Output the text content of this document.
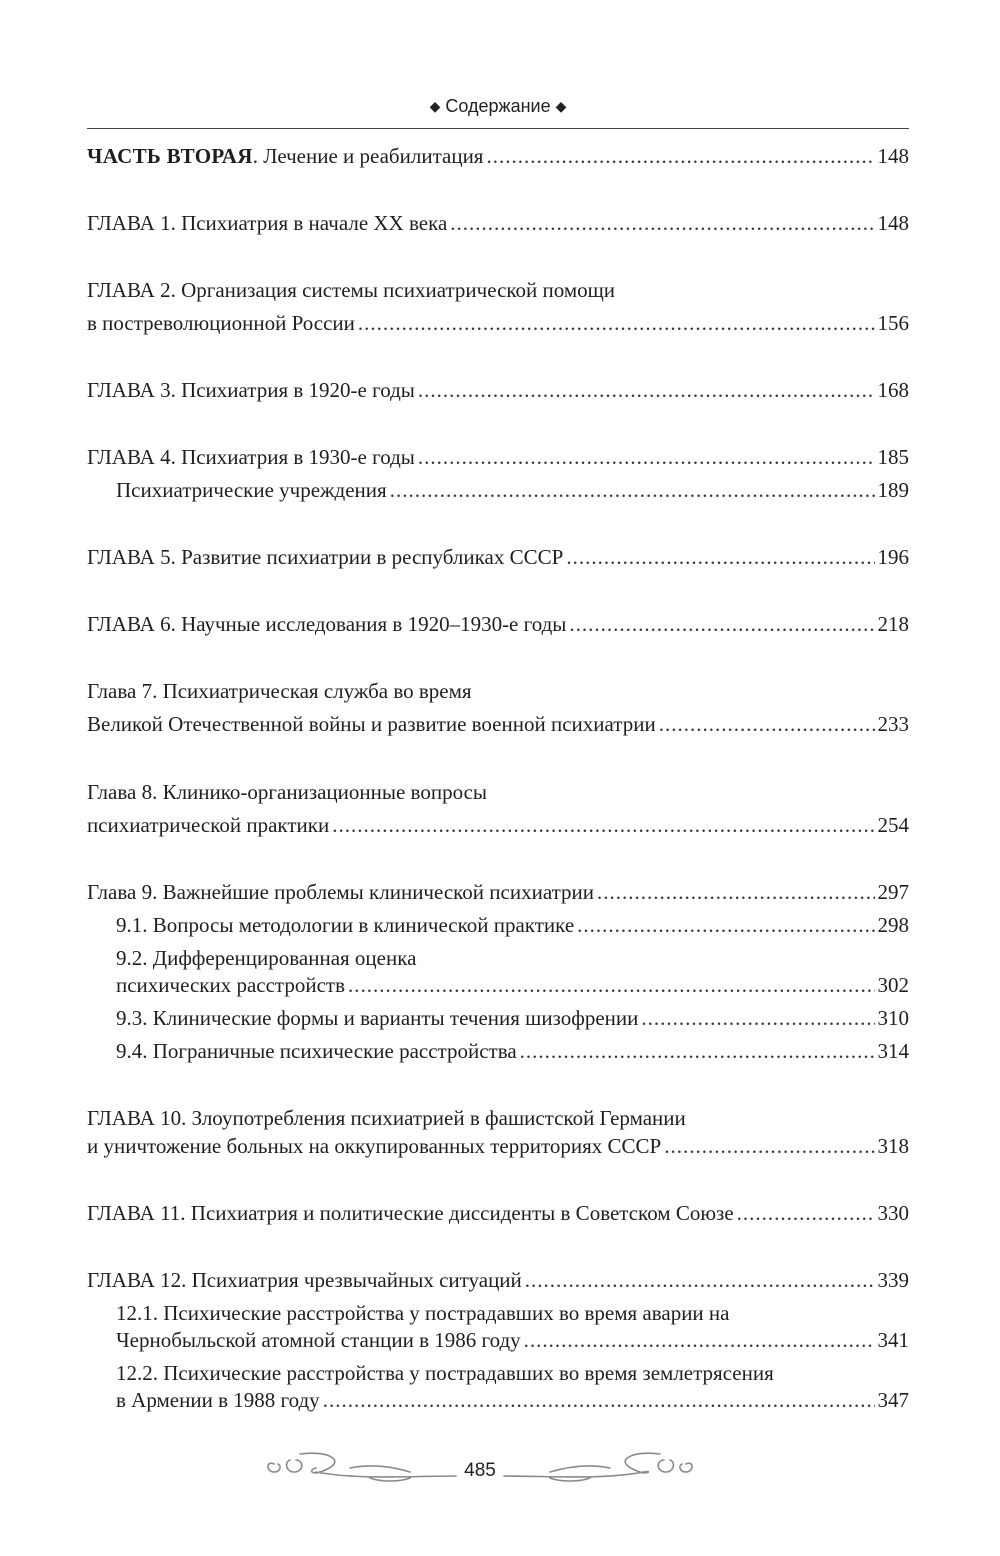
◆ Содержание ◆
ЧАСТЬ ВТОРАЯ. Лечение и реабилитация .....	148
ГЛАВА 1. Психиатрия в начале XX века .....	148
ГЛАВА 2. Организация системы психиатрической помощи
в постреволюционной России .....	156
ГЛАВА 3. Психиатрия в 1920-е годы .....	168
ГЛАВА 4. Психиатрия в 1930-е годы .....	185
Психиатрические учреждения .....	189
ГЛАВА 5. Развитие психиатрии в республиках СССР .....	196
ГЛАВА 6. Научные исследования в 1920–1930-е годы .....	218
Глава 7. Психиатрическая служба во время
Великой Отечественной войны и развитие военной психиатрии .....	233
Глава 8. Клинико-организационные вопросы
психиатрической практики .....	254
Глава 9. Важнейшие проблемы клинической психиатрии .....	297
9.1. Вопросы методологии в клинической практике .....	298
9.2. Дифференцированная оценка
психических расстройств .....	302
9.3. Клинические формы и варианты течения шизофрении .....	310
9.4. Пограничные психические расстройства .....	314
ГЛАВА 10. Злоупотребления психиатрией в фашистской Германии
и уничтожение больных на оккупированных территориях СССР .....	318
ГЛАВА 11. Психиатрия и политические диссиденты в Советском Союзе .....	330
ГЛАВА 12. Психиатрия чрезвычайных ситуаций .....	339
12.1. Психические расстройства у пострадавших во время аварии на
Чернобыльской атомной станции в 1986 году .....	341
12.2. Психические расстройства у пострадавших во время землетрясения
в Армении в 1988 году .....	347
485
